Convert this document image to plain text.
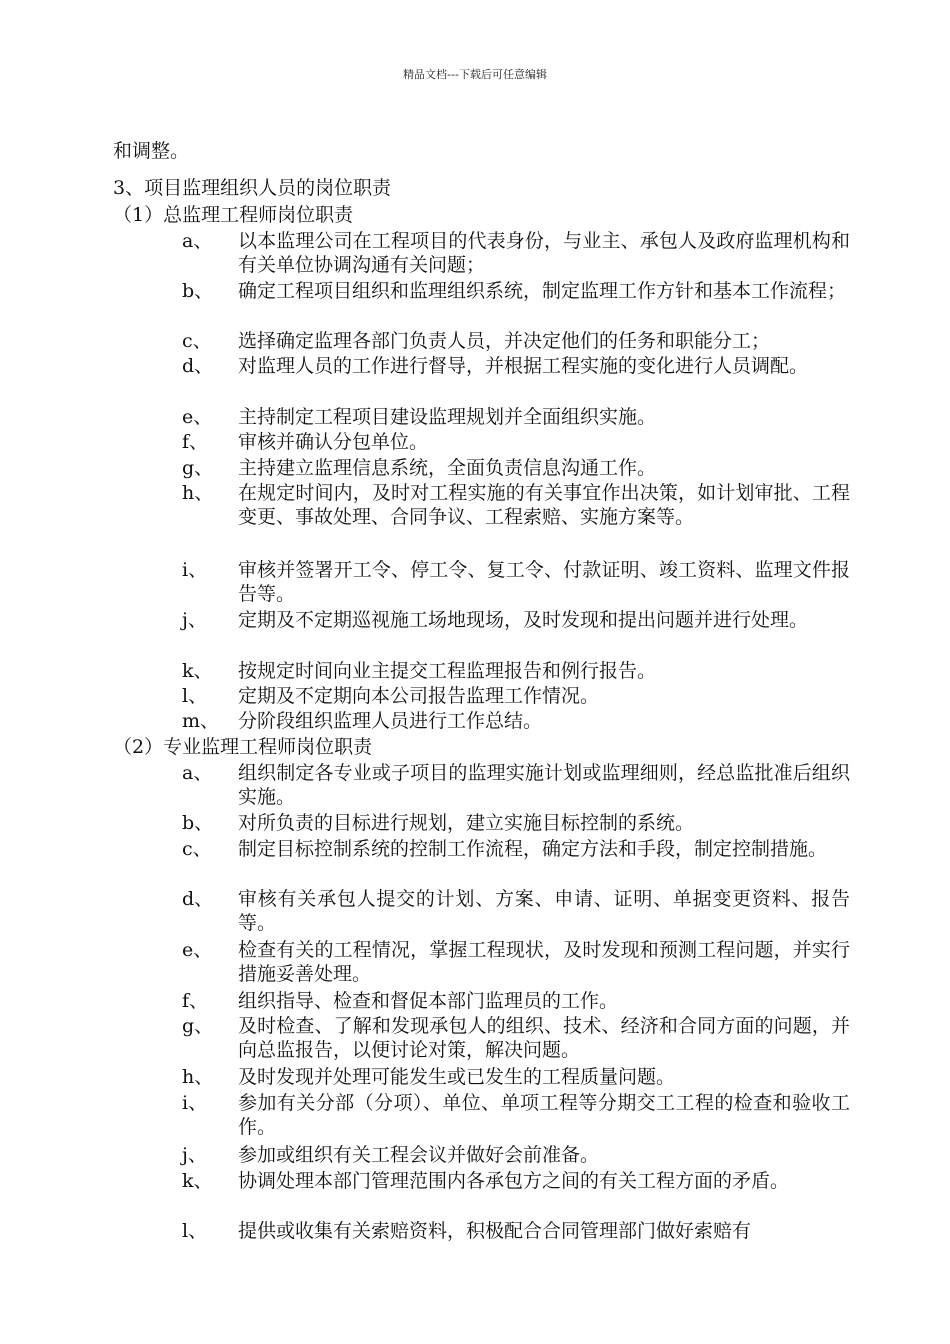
精品文档---下载后可任意编辑
和调整。
3、项目监理组织人员的岗位职责
（1）总监理工程师岗位职责
a、	以本监理公司在工程项目的代表身份，与业主、承包人及政府监理机构和有关单位协调沟通有关问题；
b、	确定工程项目组织和监理组织系统，制定监理工作方针和基本工作流程；
c、	选择确定监理各部门负责人员，并决定他们的任务和职能分工；
d、	对监理人员的工作进行督导，并根据工程实施的变化进行人员调配。
e、	主持制定工程项目建设监理规划并全面组织实施。
f、	审核并确认分包单位。
g、	主持建立监理信息系统，全面负责信息沟通工作。
h、	在规定时间内，及时对工程实施的有关事宜作出决策，如计划审批、工程变更、事故处理、合同争议、工程索赔、实施方案等。
i、	审核并签署开工令、停工令、复工令、付款证明、竣工资料、监理文件报告等。
j、	定期及不定期巡视施工场地现场，及时发现和提出问题并进行处理。
k、	按规定时间向业主提交工程监理报告和例行报告。
l、	定期及不定期向本公司报告监理工作情况。
m、 分阶段组织监理人员进行工作总结。
（2）专业监理工程师岗位职责
a、	组织制定各专业或子项目的监理实施计划或监理细则，经总监批准后组织实施。
b、	对所负责的目标进行规划，建立实施目标控制的系统。
c、	制定目标控制系统的控制工作流程，确定方法和手段，制定控制措施。
d、	审核有关承包人提交的计划、方案、申请、证明、单据变更资料、报告等。
e、	检查有关的工程情况，掌握工程现状，及时发现和预测工程问题，并实行措施妥善处理。
f、	组织指导、检查和督促本部门监理员的工作。
g、	及时检查、了解和发现承包人的组织、技术、经济和合同方面的问题，并向总监报告，以便讨论对策，解决问题。
h、	及时发现并处理可能发生或已发生的工程质量问题。
i、	参加有关分部（分项）、单位、单项工程等分期交工工程的检查和验收工作。
j、	参加或组织有关工程会议并做好会前准备。
k、	协调处理本部门管理范围内各承包方之间的有关工程方面的矛盾。
l、	提供或收集有关索赔资料，积极配合合同管理部门做好索赔有
